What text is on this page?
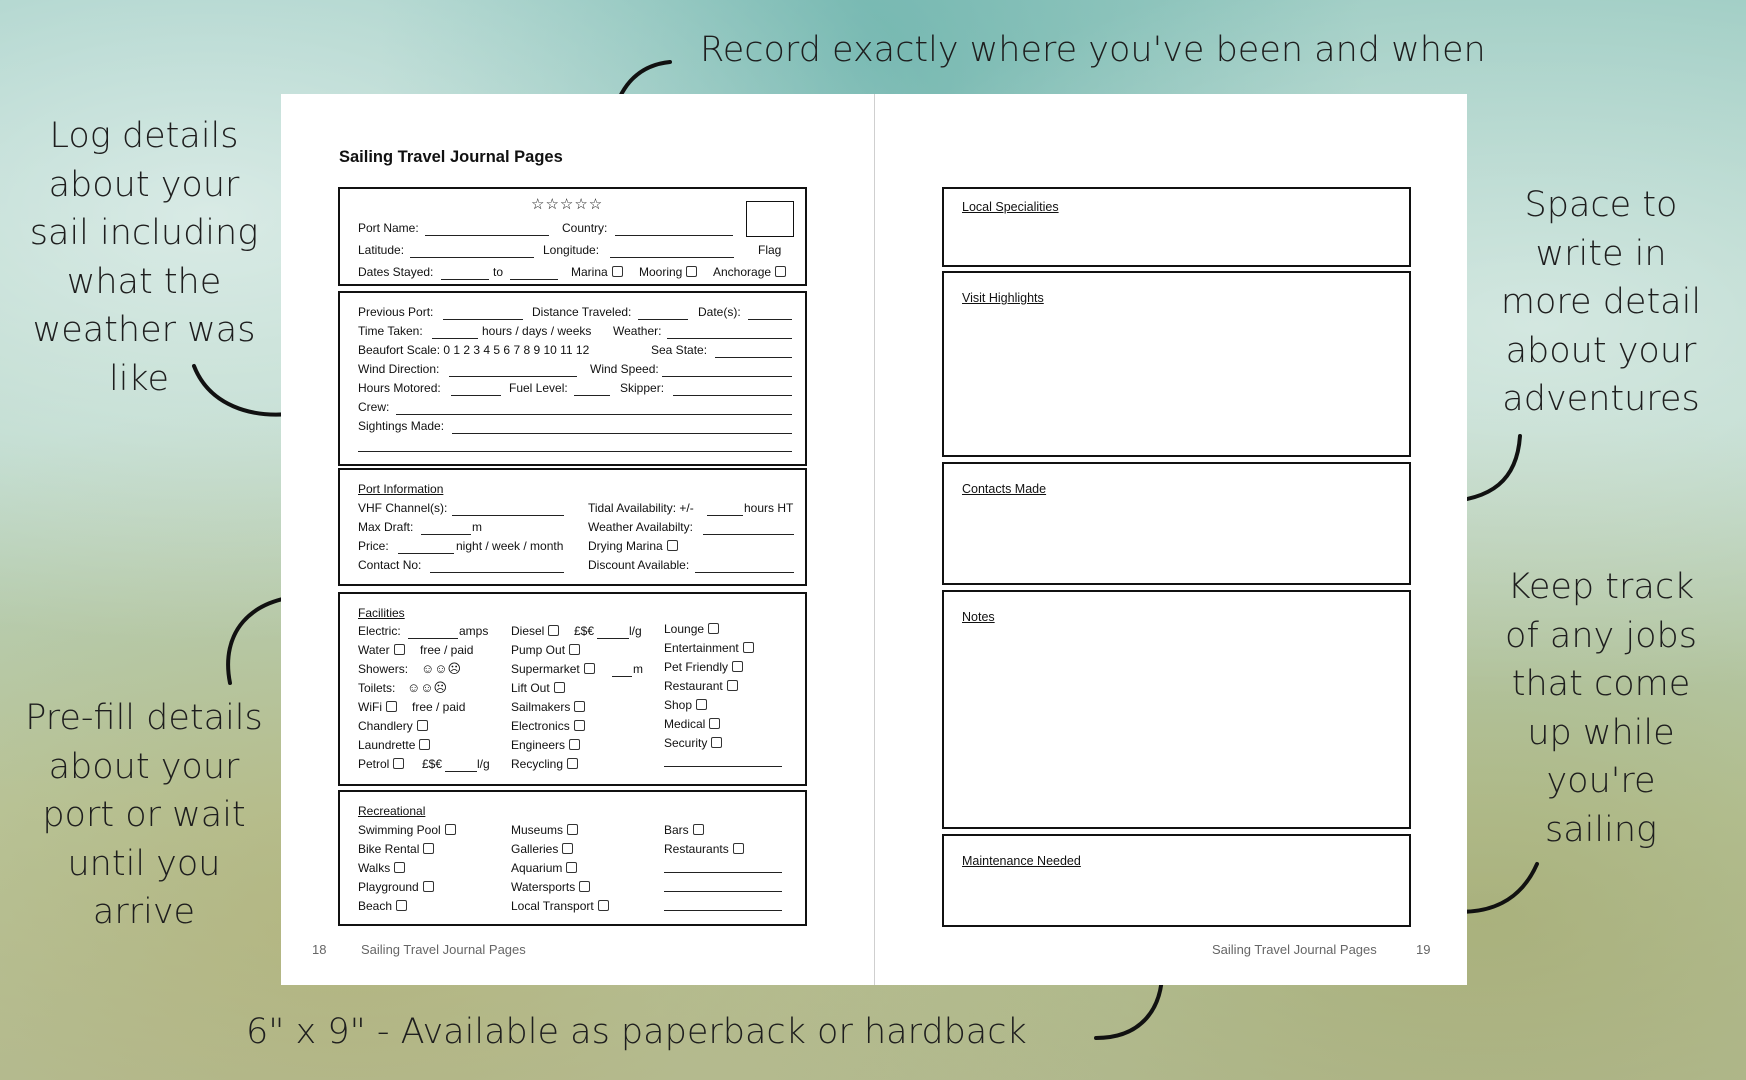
Record exactly where you've been and when
Log details
about your
sail including
what the
weather was
like
Pre-fill details
about your
port or wait
until you
arrive
Space to
write in
more detail
about your
adventures
Keep track
of any jobs
that come
up while
you're
sailing
6" x 9" - Available as paperback or hardback
Sailing Travel Journal Pages
☆☆☆☆☆
Port Name:	Country:
Latitude:	Longitude:	Flag
Dates Stayed:	to	Marina	Mooring	Anchorage
Previous Port:	Distance Traveled:	Date(s):
Time Taken:	hours / days / weeks Weather:
Beaufort Scale: 0 1 2 3 4 5 6 7 8 9 10 11 12	Sea State:
Wind Direction:	Wind Speed:
Hours Motored:	Fuel Level:	Skipper:
Crew:
Sightings Made:
Port Information
VHF Channel(s):	Tidal Availability: +/-	hours HT
Max Draft:	m	Weather Availabilty:
Price:	night / week / month Drying Marina
Contact No:	Discount Available:
Facilities
Electric:	amps
Water	free / paid
Showers: ☺☺☹
Toilets: ☺☺☹
WiFi	free / paid
Chandlery
Laundrette
Petrol	£$€	l/g
Diesel	£$€	l/g
Pump Out
Supermarket	m
Lift Out
Sailmakers
Electronics
Engineers
Recycling
Lounge
Entertainment
Pet Friendly
Restaurant
Shop
Medical
Security
Recreational
Swimming Pool
Bike Rental
Walks
Playground
Beach
Museums
Galleries
Aquarium
Watersports
Local Transport
Bars
Restaurants
18	Sailing Travel Journal Pages
Local Specialities
Visit Highlights
Contacts Made
Notes
Maintenance Needed
Sailing Travel Journal Pages	19
